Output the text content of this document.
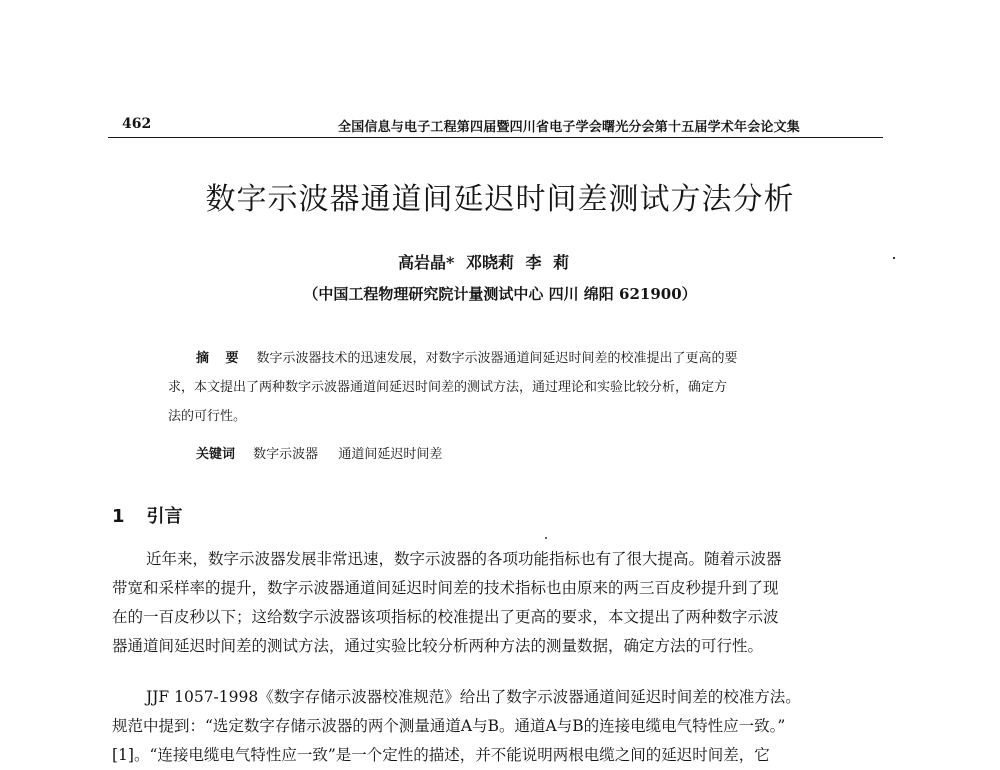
462	全国信息与电子工程第四届暨四川省电子学会曙光分会第十五届学术年会论文集
数字示波器通道间延迟时间差测试方法分析
高岩晶* 邓晓莉 李 莉
（中国工程物理研究院计量测试中心 四川 绵阳 621900）
摘 要 数字示波器技术的迅速发展，对数字示波器通道间延迟时间差的校准提出了更高的要
求，本文提出了两种数字示波器通道间延迟时间差的测试方法，通过理论和实验比较分析，确定方
法的可行性。
关键词 数字示波器 通道间延迟时间差
1 引言
近年来，数字示波器发展非常迅速，数字示波器的各项功能指标也有了很大提高。随着示波器
带宽和采样率的提升，数字示波器通道间延迟时间差的技术指标也由原来的两三百皮秒提升到了现
在的一百皮秒以下；这给数字示波器该项指标的校准提出了更高的要求，本文提出了两种数字示波
器通道间延迟时间差的测试方法，通过实验比较分析两种方法的测量数据，确定方法的可行性。
JJF 1057-1998《数字存储示波器校准规范》给出了数字示波器通道间延迟时间差的校准方法。
规范中提到：“选定数字存储示波器的两个测量通道A与B。通道A与B的连接电缆电气特性应一致。”
[1]。“连接电缆电气特性应一致”是一个定性的描述，并不能说明两根电缆之间的延迟时间差，它
